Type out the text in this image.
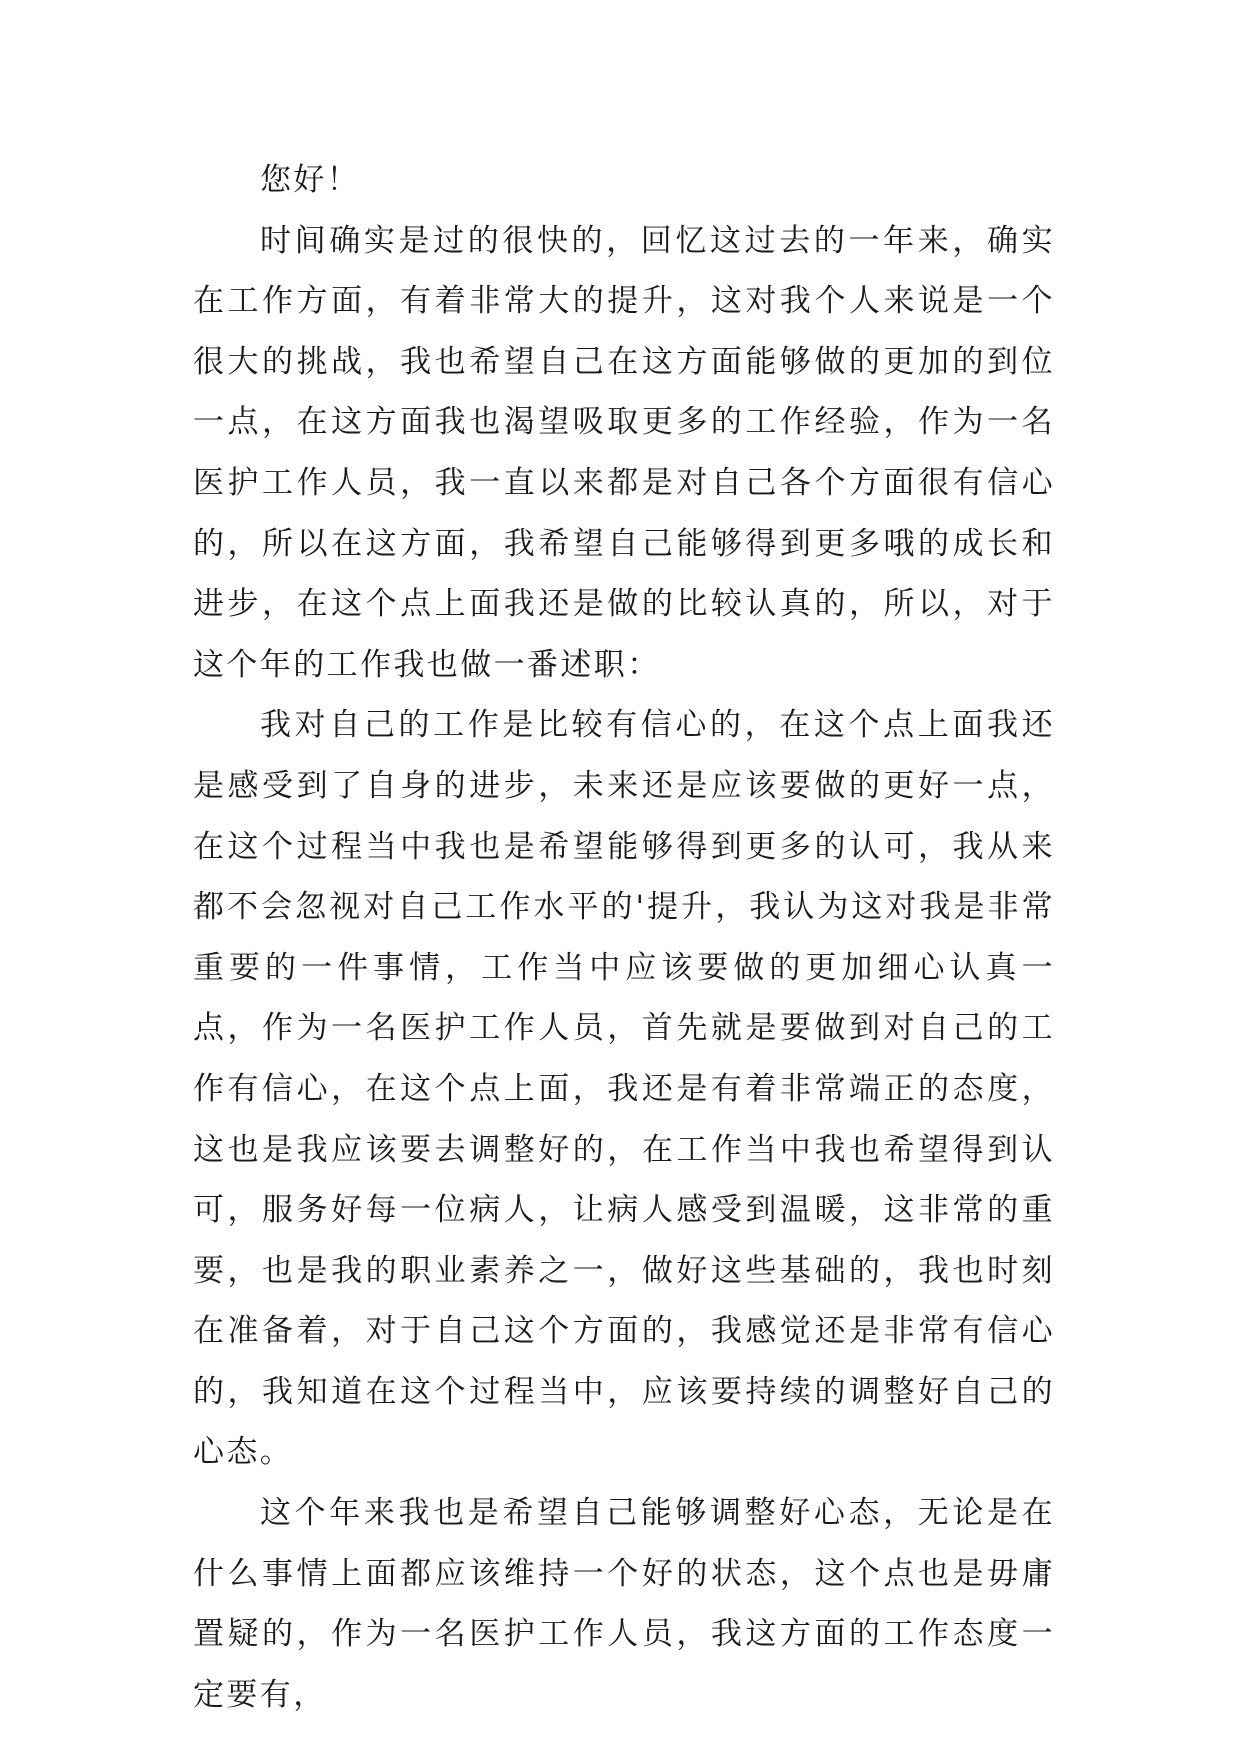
您好！

时间确实是过的很快的，回忆这过去的一年来，确实在工作方面，有着非常大的提升，这对我个人来说是一个很大的挑战，我也希望自己在这方面能够做的更加的到位一点，在这方面我也渴望吸取更多的工作经验，作为一名医护工作人员，我一直以来都是对自己各个方面很有信心的，所以在这方面，我希望自己能够得到更多哦的成长和进步，在这个点上面我还是做的比较认真的，所以，对于这个年的工作我也做一番述职：

我对自己的工作是比较有信心的，在这个点上面我还是感受到了自身的进步，未来还是应该要做的更好一点，在这个过程当中我也是希望能够得到更多的认可，我从来都不会忽视对自己工作水平的'提升，我认为这对我是非常重要的一件事情，工作当中应该要做的更加细心认真一点，作为一名医护工作人员，首先就是要做到对自己的工作有信心，在这个点上面，我还是有着非常端正的态度，这也是我应该要去调整好的，在工作当中我也希望得到认可，服务好每一位病人，让病人感受到温暖，这非常的重要，也是我的职业素养之一，做好这些基础的，我也时刻在准备着，对于自己这个方面的，我感觉还是非常有信心的，我知道在这个过程当中，应该要持续的调整好自己的心态。

这个年来我也是希望自己能够调整好心态，无论是在什么事情上面都应该维持一个好的状态，这个点也是毋庸置疑的，作为一名医护工作人员，我这方面的工作态度一定要有，
